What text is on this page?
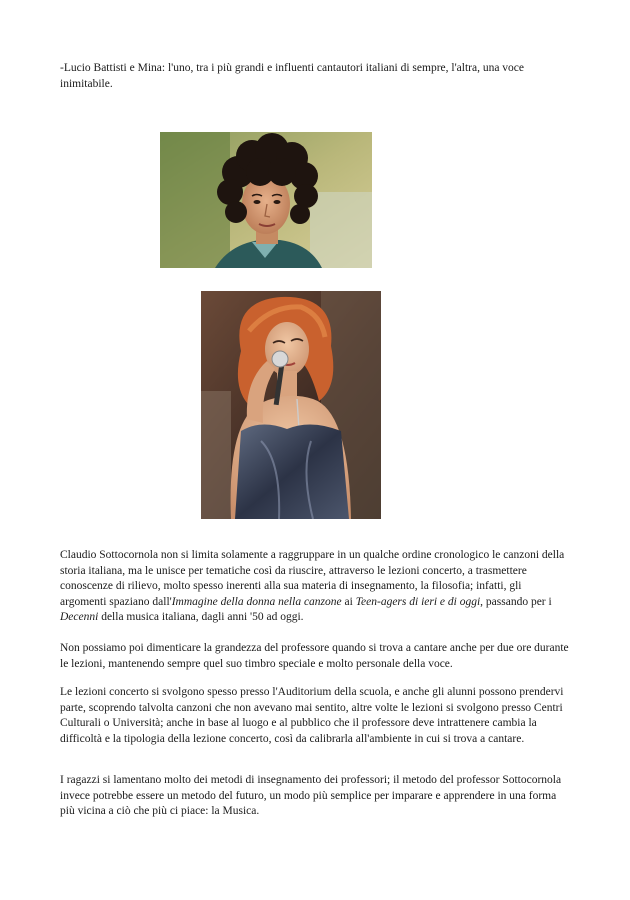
-Lucio Battisti e Mina: l'uno, tra i più grandi e influenti cantautori italiani di sempre, l'altra, una voce inimitabile.

Claudio Sottocornola non si limita solamente a raggruppare in un qualche ordine cronologico le canzoni della storia italiana, ma le unisce per tematiche così da riuscire, attraverso le lezioni concerto, a trasmettere conoscenze di rilievo, molto spesso inerenti alla sua materia di insegnamento, la filosofia; infatti, gli argomenti spaziano dall'Immagine della donna nella canzone ai Teen-agers di ieri e di oggi, passando per i Decenni della musica italiana, dagli anni '50 ad oggi.

Non possiamo poi dimenticare la grandezza del professore quando si trova a cantare anche per due ore durante le lezioni, mantenendo sempre quel suo timbro speciale e molto personale della voce.

Le lezioni concerto si svolgono spesso presso l'Auditorium della scuola, e anche gli alunni possono prendervi parte, scoprendo talvolta canzoni che non avevano mai sentito, altre volte le lezioni si svolgono presso Centri Culturali o Università; anche in base al luogo e al pubblico che il professore deve intrattenere cambia la difficoltà e la tipologia della lezione concerto, così da calibrarla all'ambiente in cui si trova a cantare.

I ragazzi si lamentano molto dei metodi di insegnamento dei professori; il metodo del professor Sottocornola invece potrebbe essere un metodo del futuro, un modo più semplice per imparare e apprendere in una forma più vicina a ciò che più ci piace: la Musica.
